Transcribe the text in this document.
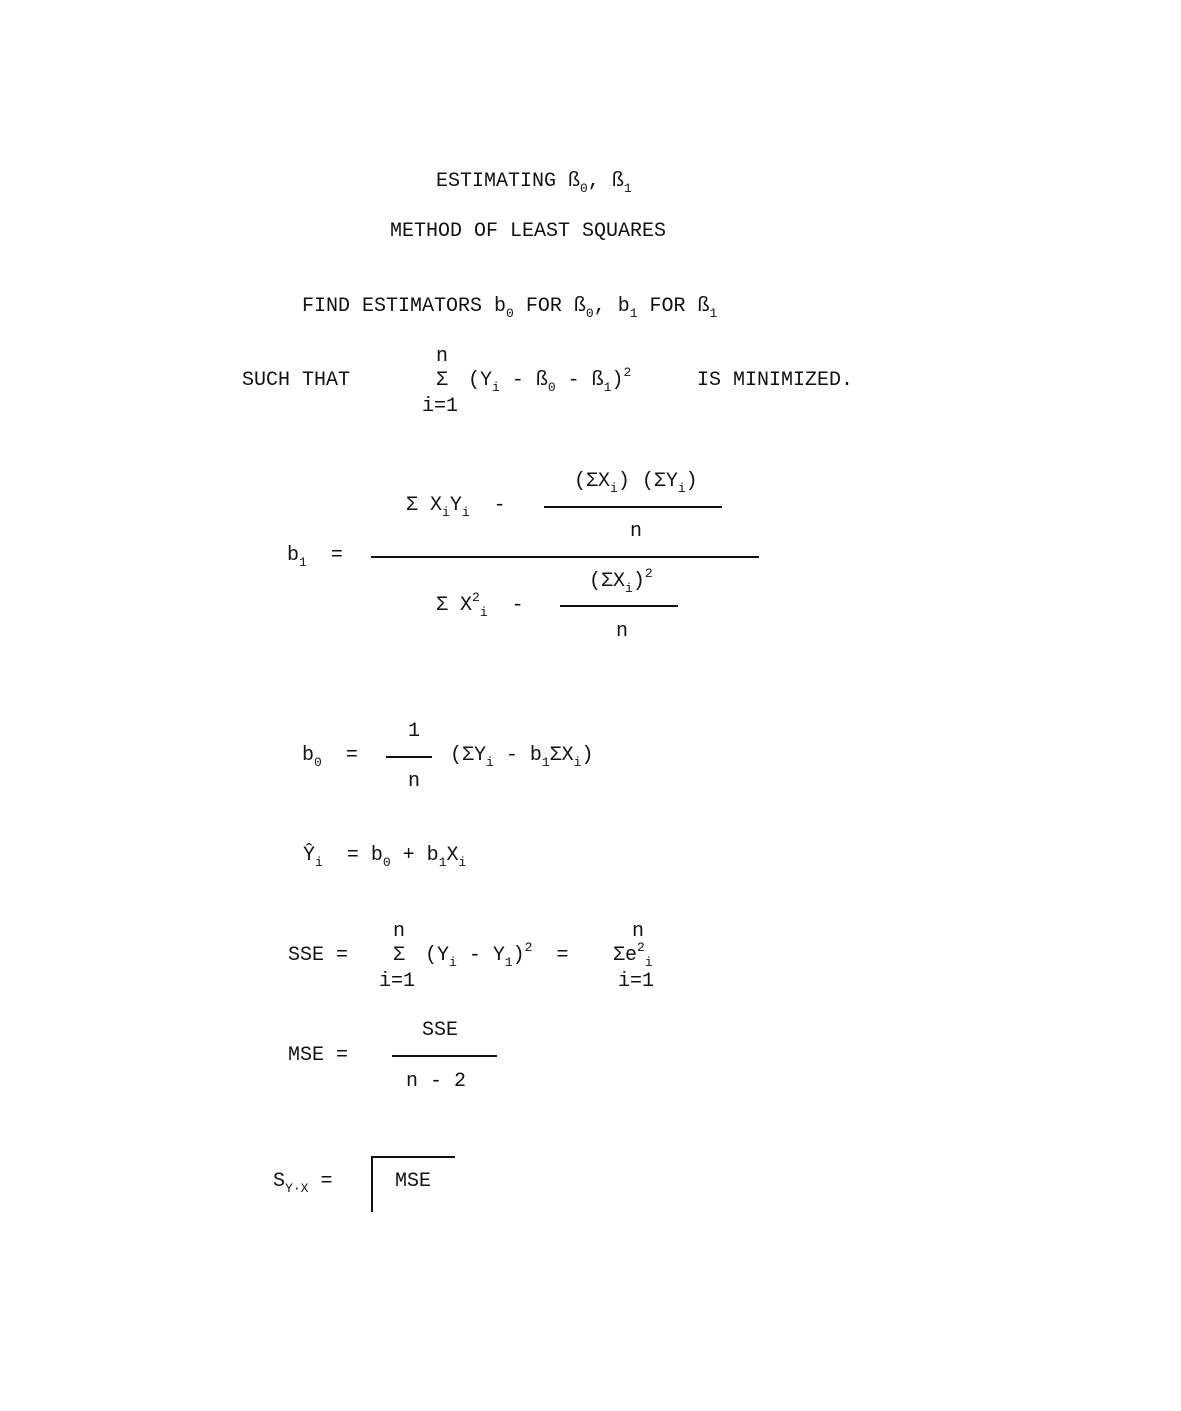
ESTIMATING $ß_0$, $ß_1$
METHOD OF LEAST SQUARES
FIND ESTIMATORS $b_0$ FOR $ß_0$, $b_1$ FOR $ß_1$
SUCH THAT
n
Σ
i=1
($Y_i$ - $ß_0$ - $ß_1)^2$	IS MINIMIZED.
$b_1$ =
Σ $X_iY_i$ -
$(\Sigma X_i)$ $(\Sigma Y_i)$
n
Σ $X^2_i$ -
$(\Sigma X_i)^2$
n
$b_0$ =
1
n
$(\Sigma Y_i - b_1\Sigma X_i)$
$Ŷ_i = b_0 + b_1X_i$
SSE =
n
Σ
i=1
$(Y_i - Y_1)^2$ =
n
$\Sigma e^2_i$
i=1
MSE =
SSE
n - 2
$S_{Y\cdot X}$ =	MSE
